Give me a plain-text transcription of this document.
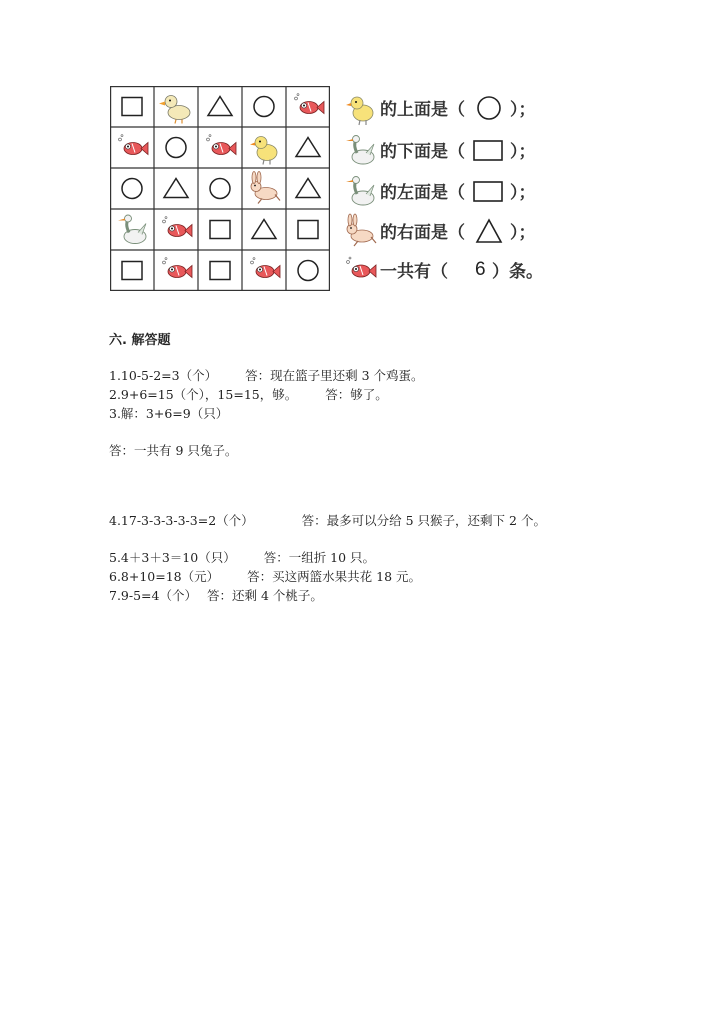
的上面是（	）；
的下面是（	）；
的左面是（	）；
的右面是（	）；
一共有（ 6 ）条。
六. 解答题
1.10-5-2=3（个） 答：现在篮子里还剩 3 个鸡蛋。
2.9+6=15（个），15=15，够。 答：够了。
3.解：3+6=9（只）
答：一共有 9 只兔子。
4.17-3-3-3-3-3=2（个）	答：最多可以分给 5 只猴子，还剩下 2 个。
5.4＋3＋3＝10（只） 答：一组折 10 只。
6.8+10=18（元） 答：买这两篮水果共花 18 元。
7.9-5=4（个） 答：还剩 4 个桃子。
